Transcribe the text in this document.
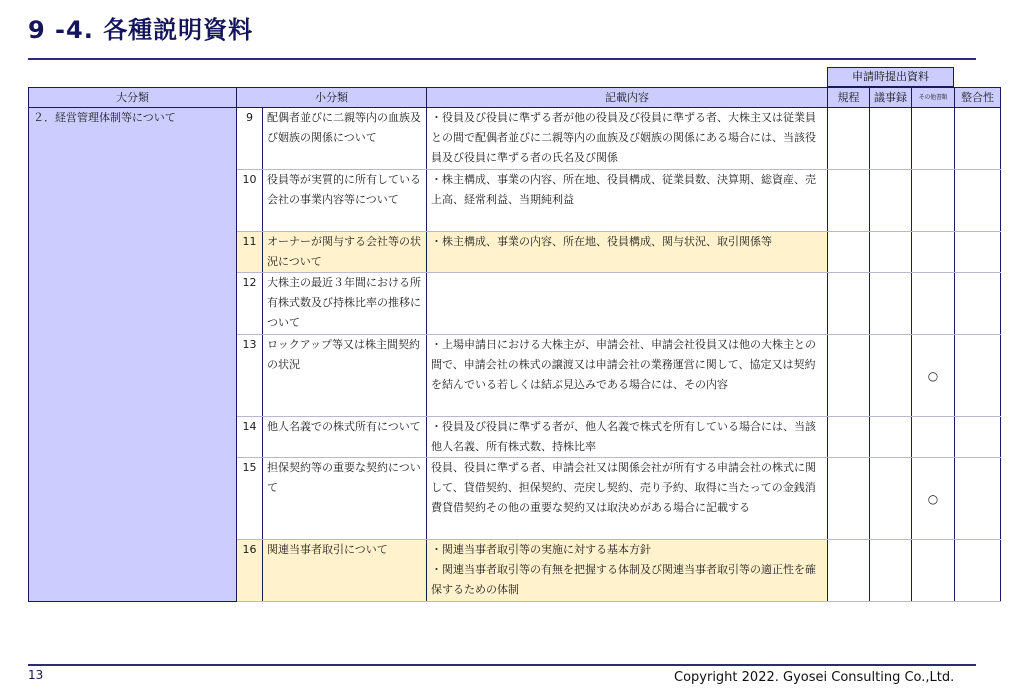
9 -4. 各種説明資料
申請時提出資料
大分類	小分類		記載内容	規程	議事録	その他書類	整合性
２．経営管理体制等について	9	配偶者並びに二親等内の血族及び姻族の関係について	・役員及び役員に準ずる者が他の役員及び役員に準ずる者、大株主又は従業員との間で配偶者並びに二親等内の血族及び姻族の関係にある場合には、当該役員及び役員に準ずる者の氏名及び関係				
	10	役員等が実質的に所有している会社の事業内容等について	・株主構成、事業の内容、所在地、役員構成、従業員数、決算期、総資産、売上高、経常利益、当期純利益				
	11	オーナーが関与する会社等の状況について	・株主構成、事業の内容、所在地、役員構成、関与状況、取引関係等				
	12	大株主の最近３年間における所有株式数及び持株比率の推移について					
	13	ロックアップ等又は株主間契約の状況	・上場申請日における大株主が、申請会社、申請会社役員又は他の大株主との間で、申請会社の株式の譲渡又は申請会社の業務運営に関して、協定又は契約を結んでいる若しくは結ぶ見込みである場合には、その内容			○	
	14	他人名義での株式所有について	・役員及び役員に準ずる者が、他人名義で株式を所有している場合には、当該他人名義、所有株式数、持株比率				
	15	担保契約等の重要な契約について	役員、役員に準ずる者、申請会社又は関係会社が所有する申請会社の株式に関して、貸借契約、担保契約、売戻し契約、売り予約、取得に当たっての金銭消費貸借契約その他の重要な契約又は取決めがある場合に記載する			○	
	16	関連当事者取引について	・関連当事者取引等の実施に対する基本方針
・関連当事者取引等の有無を把握する体制及び関連当事者取引等の適正性を確保するための体制				

13	Copyright 2022. Gyosei Consulting Co.,Ltd.
